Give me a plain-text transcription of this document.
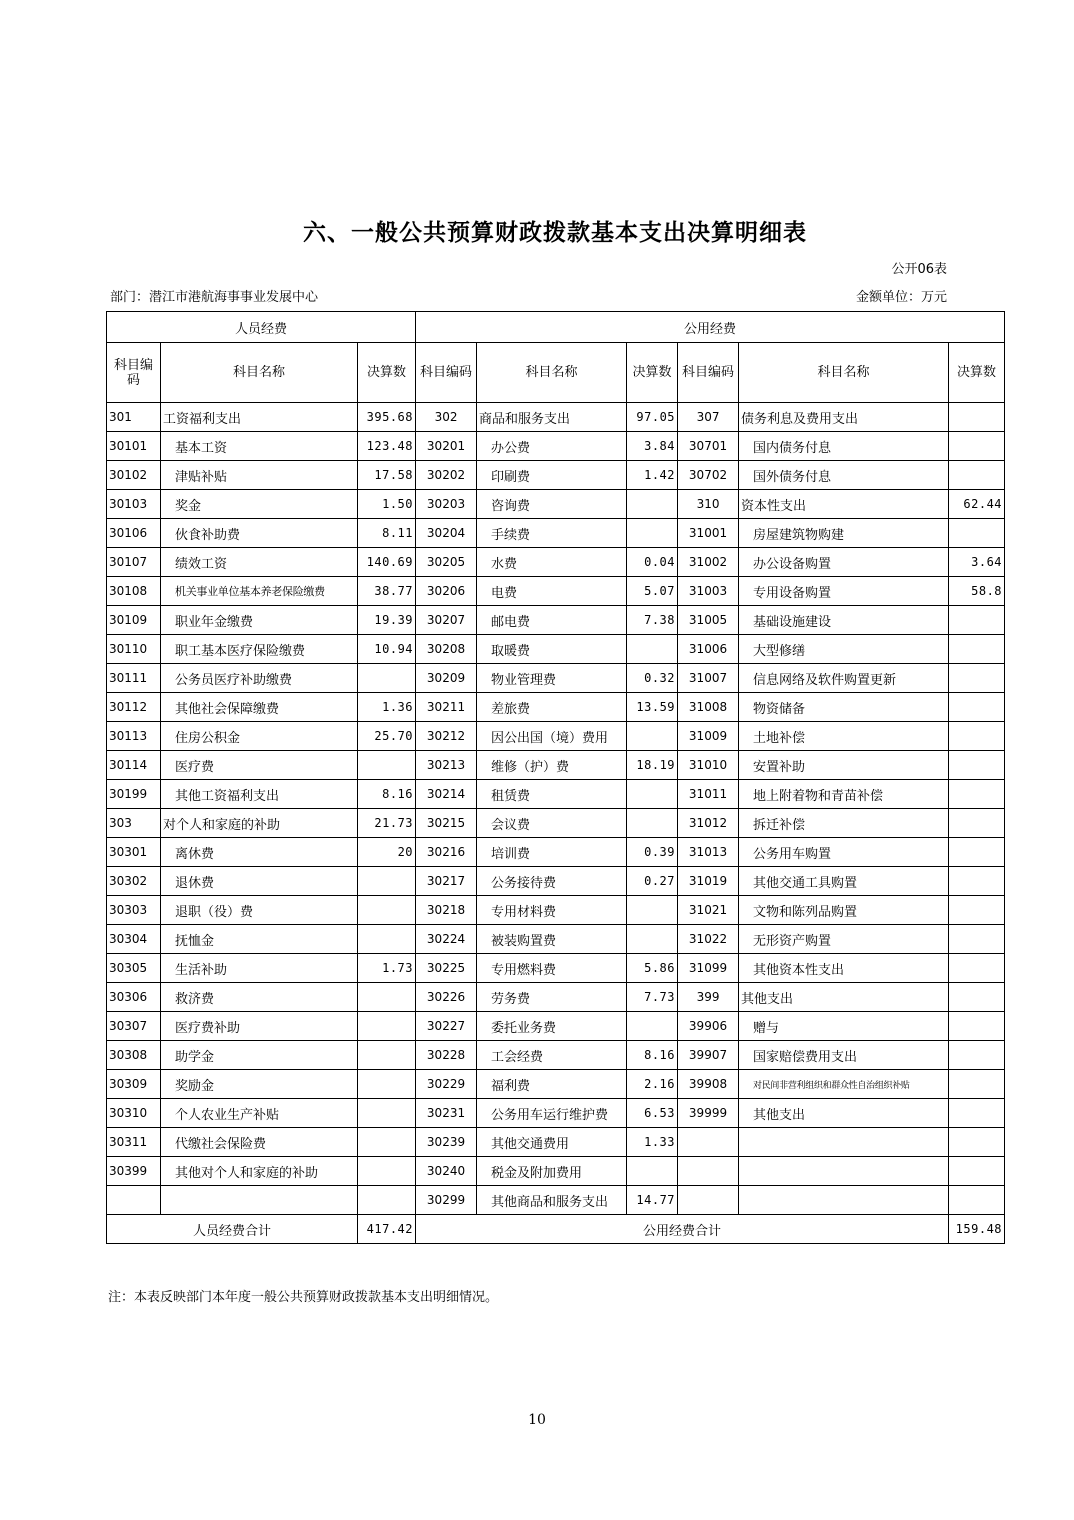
六、一般公共预算财政拨款基本支出决算明细表
公开06表
部门：潜江市港航海事事业发展中心	金额单位：万元
人员经费			公用经费					
科目编码	科目名称	决算数	科目编码	科目名称	决算数	科目编码	科目名称	决算数
301	工资福利支出	395.68	302	商品和服务支出	97.05	307	债务利息及费用支出	
30101	基本工资	123.48	30201	办公费	3.84	30701	国内债务付息	
30102	津贴补贴	17.58	30202	印刷费	1.42	30702	国外债务付息	
30103	奖金	1.50	30203	咨询费		310	资本性支出	62.44
30106	伙食补助费	8.11	30204	手续费		31001	房屋建筑物购建	
30107	绩效工资	140.69	30205	水费	0.04	31002	办公设备购置	3.64
30108	机关事业单位基本养老保险缴费	38.77	30206	电费	5.07	31003	专用设备购置	58.8
30109	职业年金缴费	19.39	30207	邮电费	7.38	31005	基础设施建设	
30110	职工基本医疗保险缴费	10.94	30208	取暖费		31006	大型修缮	
30111	公务员医疗补助缴费		30209	物业管理费	0.32	31007	信息网络及软件购置更新	
30112	其他社会保障缴费	1.36	30211	差旅费	13.59	31008	物资储备	
30113	住房公积金	25.70	30212	因公出国（境）费用		31009	土地补偿	
30114	医疗费		30213	维修（护）费	18.19	31010	安置补助	
30199	其他工资福利支出	8.16	30214	租赁费		31011	地上附着物和青苗补偿	
303	对个人和家庭的补助	21.73	30215	会议费		31012	拆迁补偿	
30301	离休费	20	30216	培训费	0.39	31013	公务用车购置	
30302	退休费		30217	公务接待费	0.27	31019	其他交通工具购置	
30303	退职（役）费		30218	专用材料费		31021	文物和陈列品购置	
30304	抚恤金		30224	被装购置费		31022	无形资产购置	
30305	生活补助	1.73	30225	专用燃料费	5.86	31099	其他资本性支出	
30306	救济费		30226	劳务费	7.73	399	其他支出	
30307	医疗费补助		30227	委托业务费		39906	赠与	
30308	助学金		30228	工会经费	8.16	39907	国家赔偿费用支出	
30309	奖励金		30229	福利费	2.16	39908	对民间非营利组织和群众性自治组织补贴	
30310	个人农业生产补贴		30231	公务用车运行维护费	6.53	39999	其他支出	
30311	代缴社会保险费		30239	其他交通费用	1.33			
30399	其他对个人和家庭的补助		30240	税金及附加费用				
			30299	其他商品和服务支出	14.77			
人员经费合计		417.42	公用经费合计					159.48
注：本表反映部门本年度一般公共预算财政拨款基本支出明细情况。
10
